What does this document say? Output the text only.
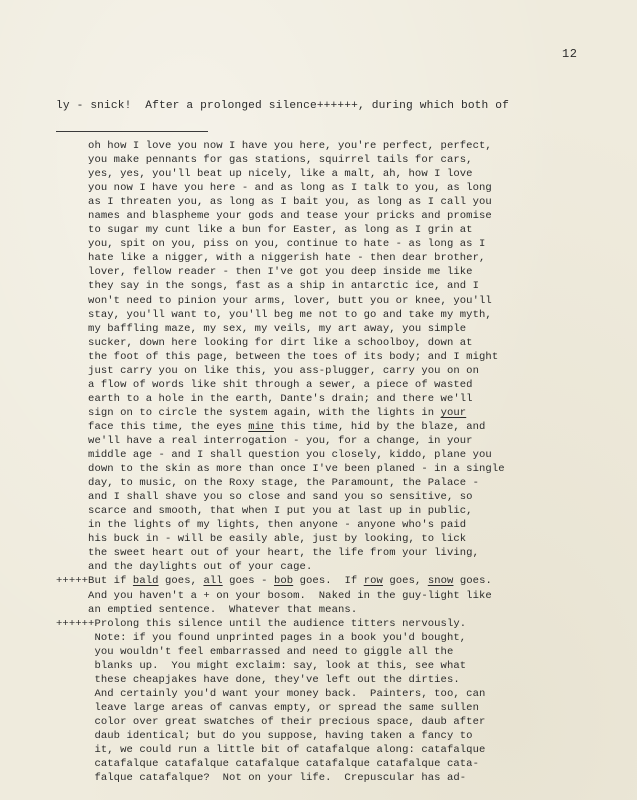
12
ly - snick!  After a prolonged silence++++++, during which both of
oh how I love you now I have you here, you're perfect, perfect,
you make pennants for gas stations, squirrel tails for cars,
yes, yes, you'll beat up nicely, like a malt, ah, how I love
you now I have you here - and as long as I talk to you, as long
as I threaten you, as long as I bait you, as long as I call you
names and blaspheme your gods and tease your pricks and promise
to sugar my cunt like a bun for Easter, as long as I grin at
you, spit on you, piss on you, continue to hate - as long as I
hate like a nigger, with a niggerish hate - then dear brother,
lover, fellow reader - then I've got you deep inside me like
they say in the songs, fast as a ship in antarctic ice, and I
won't need to pinion your arms, lover, butt you or knee, you'll
stay, you'll want to, you'll beg me not to go and take my myth,
my baffling maze, my sex, my veils, my art away, you simple
sucker, down here looking for dirt like a schoolboy, down at
the foot of this page, between the toes of its body; and I might
just carry you on like this, you ass-plugger, carry you on on
a flow of words like shit through a sewer, a piece of wasted
earth to a hole in the earth, Dante's drain; and there we'll
sign on to circle the system again, with the lights in your
face this time, the eyes mine this time, hid by the blaze, and
we'll have a real interrogation - you, for a change, in your
middle age - and I shall question you closely, kiddo, plane you
down to the skin as more than once I've been planed - in a single
day, to music, on the Roxy stage, the Paramount, the Palace -
and I shall shave you so close and sand you so sensitive, so
scarce and smooth, that when I put you at last up in public,
in the lights of my lights, then anyone - anyone who's paid
his buck in - will be easily able, just by looking, to lick
the sweet heart out of your heart, the life from your living,
and the daylights out of your cage.
+++++But if bald goes, all goes - bob goes.  If row goes, snow goes.
And you haven't a + on your bosom.  Naked in the guy-light like
an emptied sentence.  Whatever that means.
++++++Prolong this silence until the audience titters nervously.
Note: if you found unprinted pages in a book you'd bought,
you wouldn't feel embarrassed and need to giggle all the
blanks up.  You might exclaim: say, look at this, see what
these cheapjakes have done, they've left out the dirties.
And certainly you'd want your money back.  Painters, too, can
leave large areas of canvas empty, or spread the same sullen
color over great swatches of their precious space, daub after
daub identical; but do you suppose, having taken a fancy to
it, we could run a little bit of catafalque along: catafalque
catafalque catafalque catafalque catafalque catafalque cata-
falque catafalque?  Not on your life.  Crepuscular has ad-
